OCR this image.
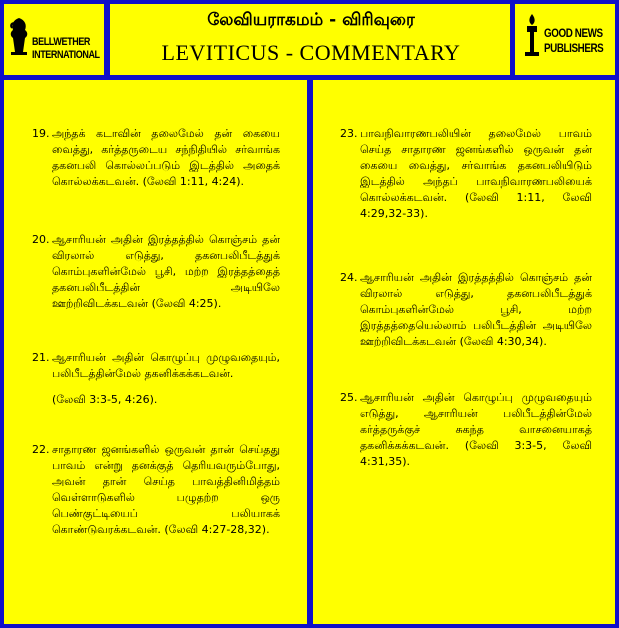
BELLWETHER
INTERNATIONAL
லேவியராகமம் - விரிவுரை
LEVITICUS - COMMENTARY
GOOD NEWS
PUBLISHERS
19. அந்தக் கடாவின் தலைமேல் தன் கையை வைத்து, கர்த்தருடைய சந்நிதியில் சர்வாங்க தகனபலி கொல்லப்படும் இடத்தில் அதைக் கொல்லக்கடவன். (லேவி 1:11, 4:24).
20. ஆசாரியன் அதின் இரத்தத்தில் கொஞ்சம் தன் விரலால் எடுத்து, தகனபலிபீடத்துக் கொம்புகளின்மேல் பூசி, மற்ற இரத்தத்தைத் தகனபலிபீடத்தின் அடியிலே ஊற்றிவிடக்கடவன் (லேவி 4:25).
21. ஆசாரியன் அதின் கொழுப்பு முழுவதையும், பலிபீடத்தின்மேல் தகனிக்கக்கடவன்.
(லேவி 3:3-5, 4:26).
22. சாதாரண ஜனங்களில் ஒருவன் தான் செய்தது பாவம் என்று தனக்குத் தெரியவரும்போது, அவன் தான் செய்த பாவத்தினிமித்தம் வெள்ளாடுகளில் பழுதற்ற ஒரு பெண்குட்டியைப் பலியாகக் கொண்டுவரக்கடவன். (லேவி 4:27-28,32).
23. பாவநிவாரணபலியின் தலைமேல் பாவம் செய்த சாதாரண ஜனங்களில் ஒருவன் தன் கையை வைத்து, சர்வாங்க தகனபலியிடும் இடத்தில் அந்தப் பாவநிவாரணபலியைக் கொல்லக்கடவன். (லேவி 1:11, லேவி 4:29,32-33).
24. ஆசாரியன் அதின் இரத்தத்தில் கொஞ்சம் தன் விரலால் எடுத்து, தகனபலிபீடத்துக் கொம்புகளின்மேல் பூசி, மற்ற இரத்தத்தையெல்லாம் பலிபீடத்தின் அடியிலே ஊற்றிவிடக்கடவன் (லேவி 4:30,34).
25. ஆசாரியன் அதின் கொழுப்பு முழுவதையும் எடுத்து, ஆசாரியன் பலிபீடத்தின்மேல் கர்த்தருக்குச் சுகந்த வாசனையாகத் தகனிக்கக்கடவன். (லேவி 3:3-5, லேவி 4:31,35).
